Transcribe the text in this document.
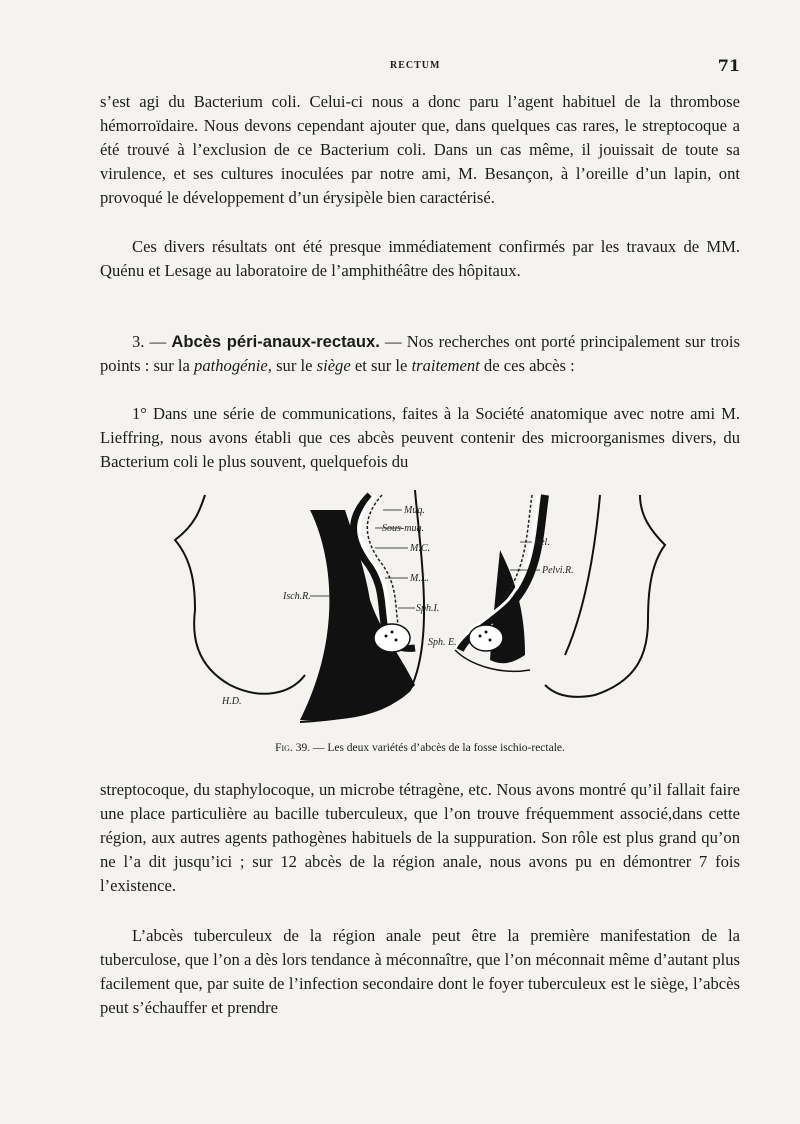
RECTUM	71

s’est agi du Bacterium coli. Celui-ci nous a donc paru l’agent habituel de la thrombose hémorroïdaire. Nous devons cependant ajouter que, dans quelques cas rares, le streptocoque a été trouvé à l’exclusion de ce Bacterium coli. Dans un cas même, il jouissait de toute sa virulence, et ses cultures inoculées par notre ami, M. Besançon, à l’oreille d’un lapin, ont provoqué le développement d’un érysipèle bien caractérisé.

Ces divers résultats ont été presque immédiatement confirmés par les travaux de MM. Quénu et Lesage au laboratoire de l’amphithéâtre des hôpitaux.

3. — Abcès péri-anaux-rectaux. — Nos recherches ont porté principalement sur trois points : sur la pathogénie, sur le siège et sur le traitement de ces abcès :

1° Dans une série de communications, faites à la Société anatomique avec notre ami M. Lieffring, nous avons établi que ces abcès peuvent contenir des microorganismes divers, du Bacterium coli le plus souvent, quelquefois du

Muq.
Sous-muq.
M.C.
M.L.
Isch.R.
Sph.I.
Sph. E.
H.D.
Rel.
Pelvi.R.
Fig. 39. — Les deux variétés d’abcès de la fosse ischio-rectale.

streptocoque, du staphylocoque, un microbe tétragène, etc. Nous avons montré qu’il fallait faire une place particulière au bacille tuberculeux, que l’on trouve fréquemment associé,dans cette région, aux autres agents pathogènes habituels de la suppuration. Son rôle est plus grand qu’on ne l’a dit jusqu’ici ; sur 12 abcès de la région anale, nous avons pu en démontrer 7 fois l’existence.

L’abcès tuberculeux de la région anale peut être la première manifestation de la tuberculose, que l’on a dès lors tendance à méconnaître, que l’on méconnait même d’autant plus facilement que, par suite de l’infection secondaire dont le foyer tuberculeux est le siège, l’abcès peut s’échauffer et prendre
